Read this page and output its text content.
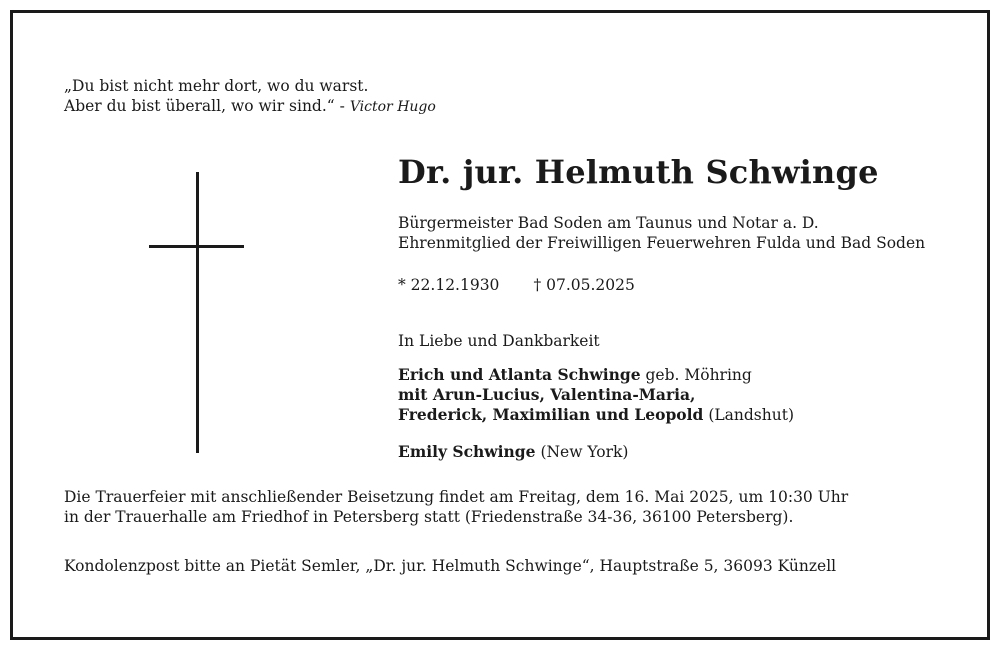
„Du bist nicht mehr dort, wo du warst.
Aber du bist überall, wo wir sind.“ - Victor Hugo
Dr. jur. Helmuth Schwinge
Bürgermeister Bad Soden am Taunus und Notar a. D.
Ehrenmitglied der Freiwilligen Feuerwehren Fulda und Bad Soden
* 22.12.1930 † 07.05.2025
In Liebe und Dankbarkeit
Erich und Atlanta Schwinge geb. Möhring
mit Arun-Lucius, Valentina-Maria,
Frederick, Maximilian und Leopold (Landshut)
Emily Schwinge (New York)
Die Trauerfeier mit anschließender Beisetzung findet am Freitag, dem 16. Mai 2025, um 10:30 Uhr
in der Trauerhalle am Friedhof in Petersberg statt (Friedenstraße 34-36, 36100 Petersberg).
Kondolenzpost bitte an Pietät Semler, „Dr. jur. Helmuth Schwinge“, Hauptstraße 5, 36093 Künzell
